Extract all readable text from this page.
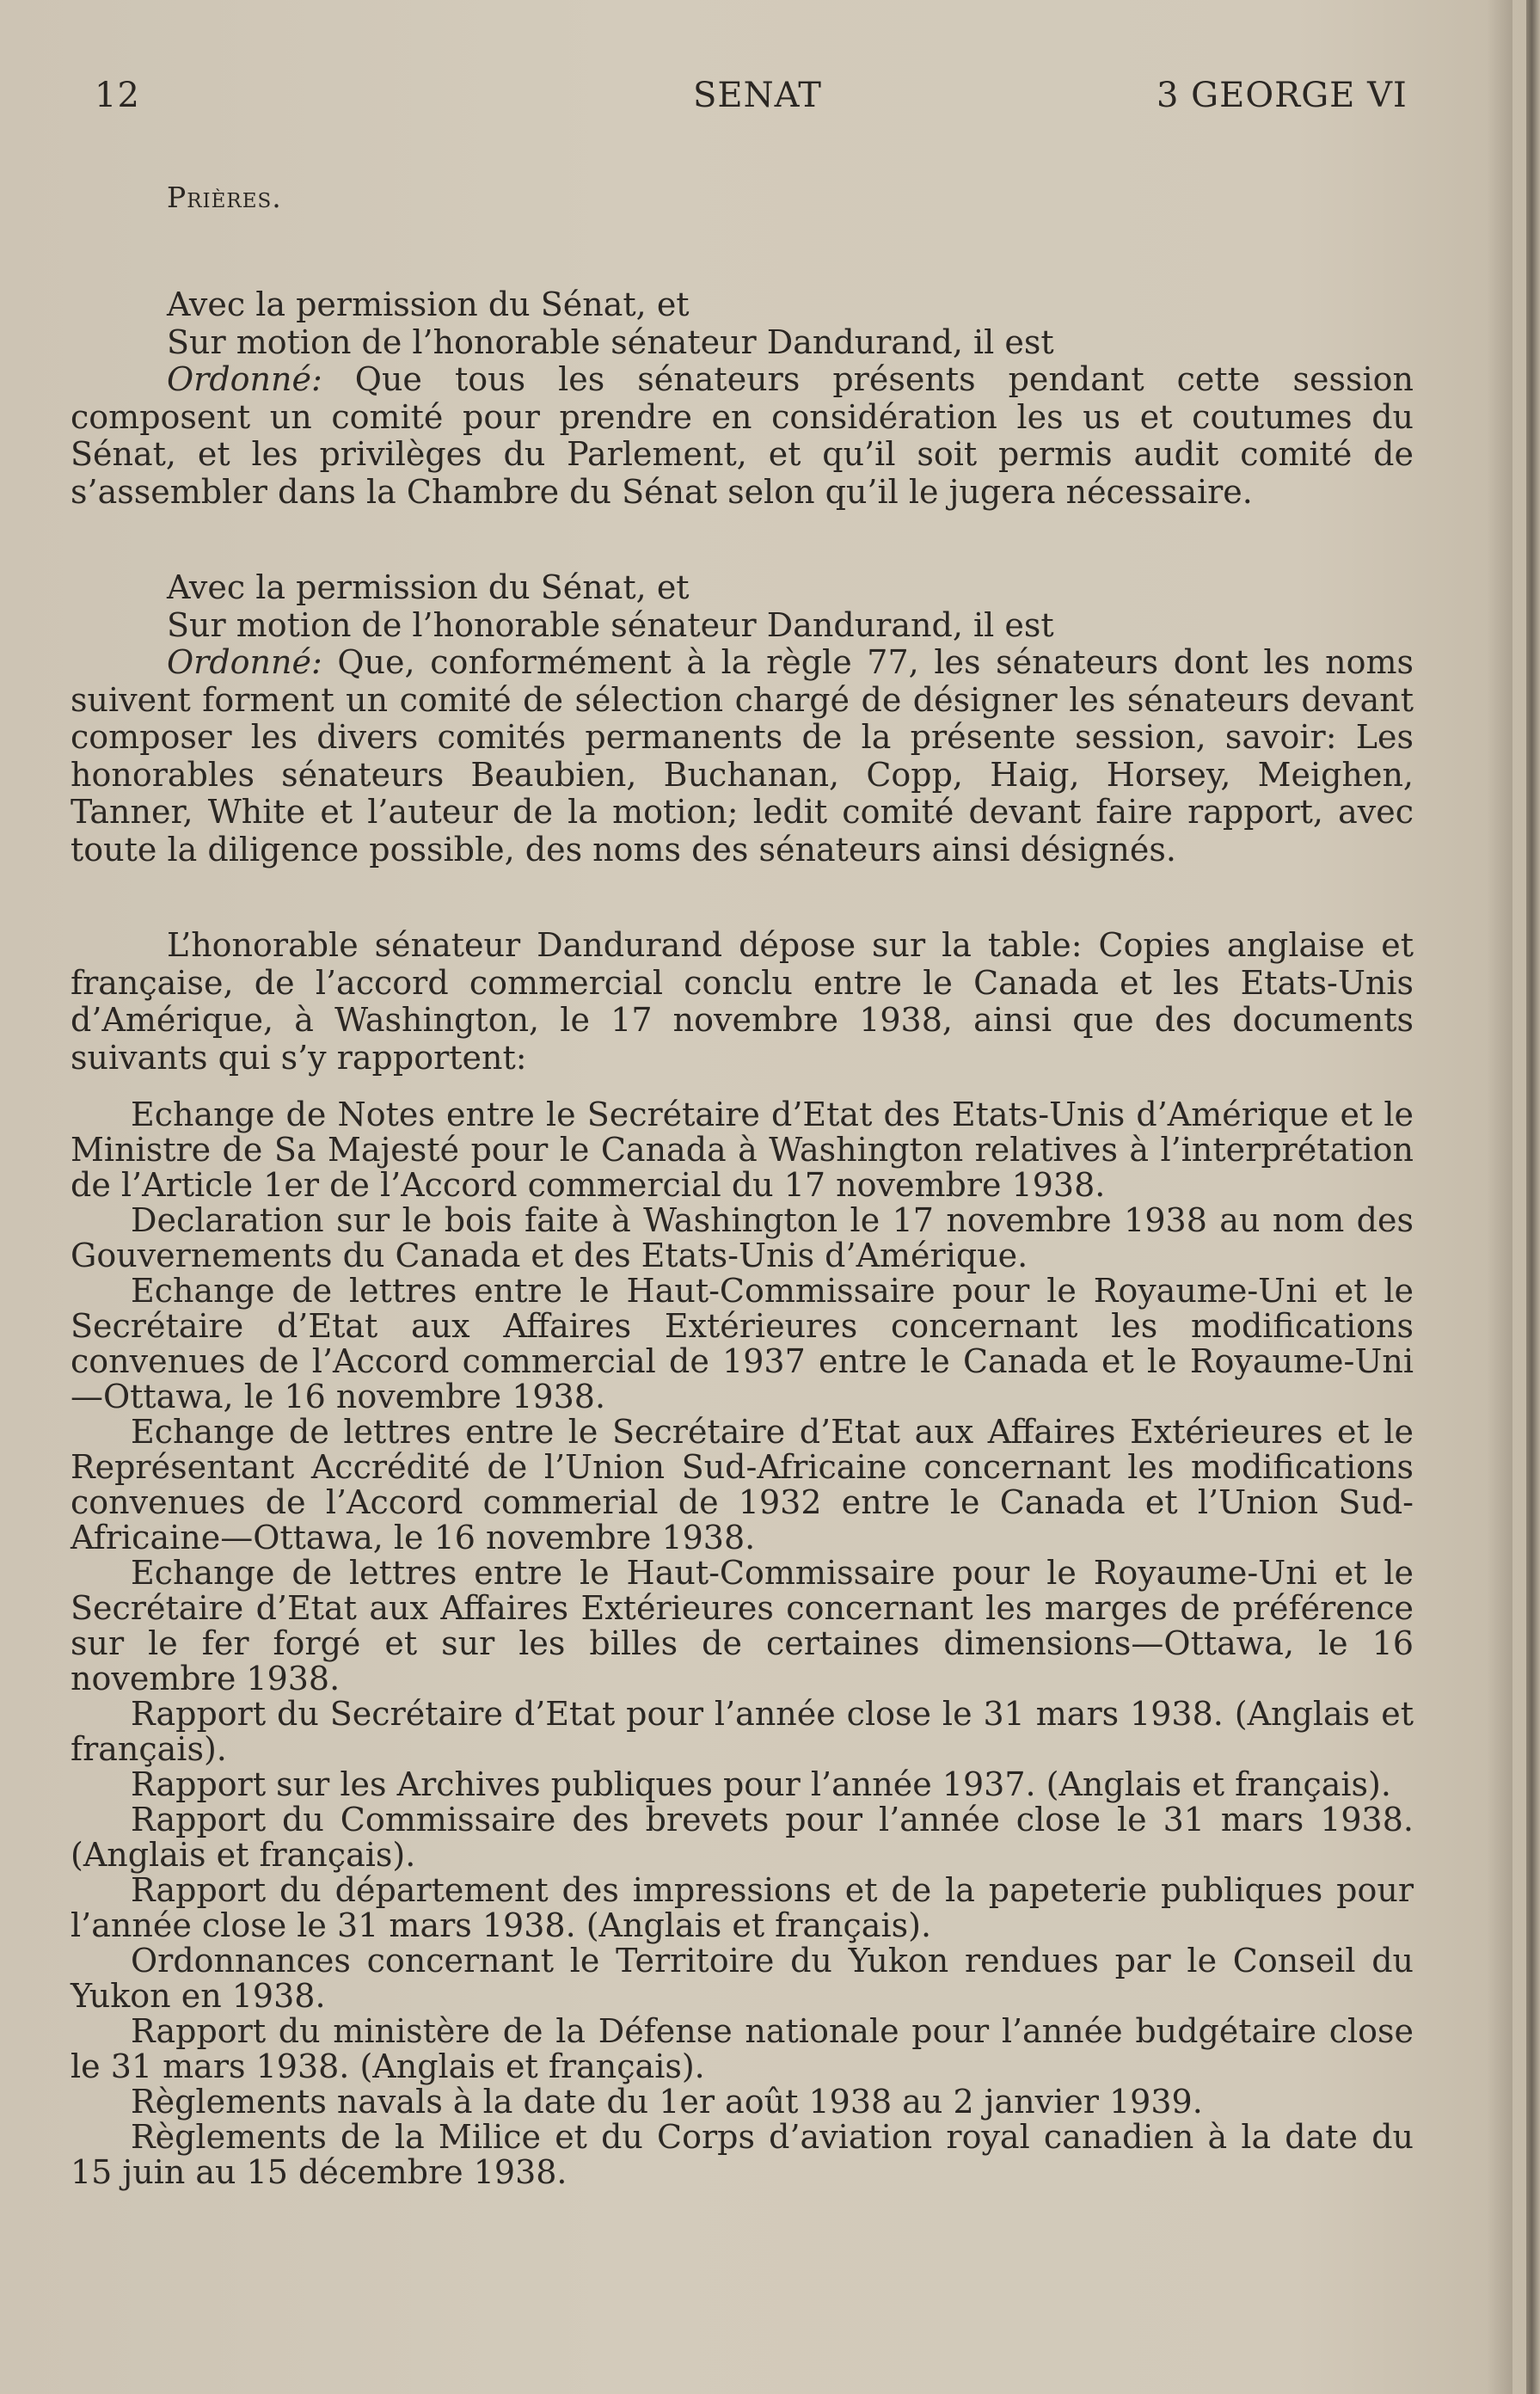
12	SENAT	3 GEORGE VI
Prières.

Avec la permission du Sénat, et

Sur motion de l’honorable sénateur Dandurand, il est

Ordonné: Que tous les sénateurs présents pendant cette session composent un comité pour prendre en considération les us et coutumes du Sénat, et les privilèges du Parlement, et qu’il soit permis audit comité de s’assembler dans la Chambre du Sénat selon qu’il le jugera nécessaire.

Avec la permission du Sénat, et

Sur motion de l’honorable sénateur Dandurand, il est

Ordonné: Que, conformément à la règle 77, les sénateurs dont les noms suivent forment un comité de sélection chargé de désigner les sénateurs devant composer les divers comités permanents de la présente session, savoir: Les honorables sénateurs Beaubien, Buchanan, Copp, Haig, Horsey, Meighen, Tanner, White et l’auteur de la motion; ledit comité devant faire rapport, avec toute la diligence possible, des noms des sénateurs ainsi désignés.

L’honorable sénateur Dandurand dépose sur la table: Copies anglaise et française, de l’accord commercial conclu entre le Canada et les Etats-Unis d’Amérique, à Washington, le 17 novembre 1938, ainsi que des documents suivants qui s’y rapportent:

Echange de Notes entre le Secrétaire d’Etat des Etats-Unis d’Amérique et le Ministre de Sa Majesté pour le Canada à Washington relatives à l’interprétation de l’Article 1er de l’Accord commercial du 17 novembre 1938.

Declaration sur le bois faite à Washington le 17 novembre 1938 au nom des Gouvernements du Canada et des Etats-Unis d’Amérique.

Echange de lettres entre le Haut-Commissaire pour le Royaume-Uni et le Secrétaire d’Etat aux Affaires Extérieures concernant les modifications convenues de l’Accord commercial de 1937 entre le Canada et le Royaume-Uni—Ottawa, le 16 novembre 1938.

Echange de lettres entre le Secrétaire d’Etat aux Affaires Extérieures et le Représentant Accrédité de l’Union Sud-Africaine concernant les modifications convenues de l’Accord commerial de 1932 entre le Canada et l’Union Sud-Africaine—Ottawa, le 16 novembre 1938.

Echange de lettres entre le Haut-Commissaire pour le Royaume-Uni et le Secrétaire d’Etat aux Affaires Extérieures concernant les marges de préférence sur le fer forgé et sur les billes de certaines dimensions—Ottawa, le 16 novembre 1938.

Rapport du Secrétaire d’Etat pour l’année close le 31 mars 1938. (Anglais et français).

Rapport sur les Archives publiques pour l’année 1937. (Anglais et français).

Rapport du Commissaire des brevets pour l’année close le 31 mars 1938. (Anglais et français).

Rapport du département des impressions et de la papeterie publiques pour l’année close le 31 mars 1938. (Anglais et français).

Ordonnances concernant le Territoire du Yukon rendues par le Conseil du Yukon en 1938.

Rapport du ministère de la Défense nationale pour l’année budgétaire close le 31 mars 1938. (Anglais et français).

Règlements navals à la date du 1er août 1938 au 2 janvier 1939.

Règlements de la Milice et du Corps d’aviation royal canadien à la date du 15 juin au 15 décembre 1938.
